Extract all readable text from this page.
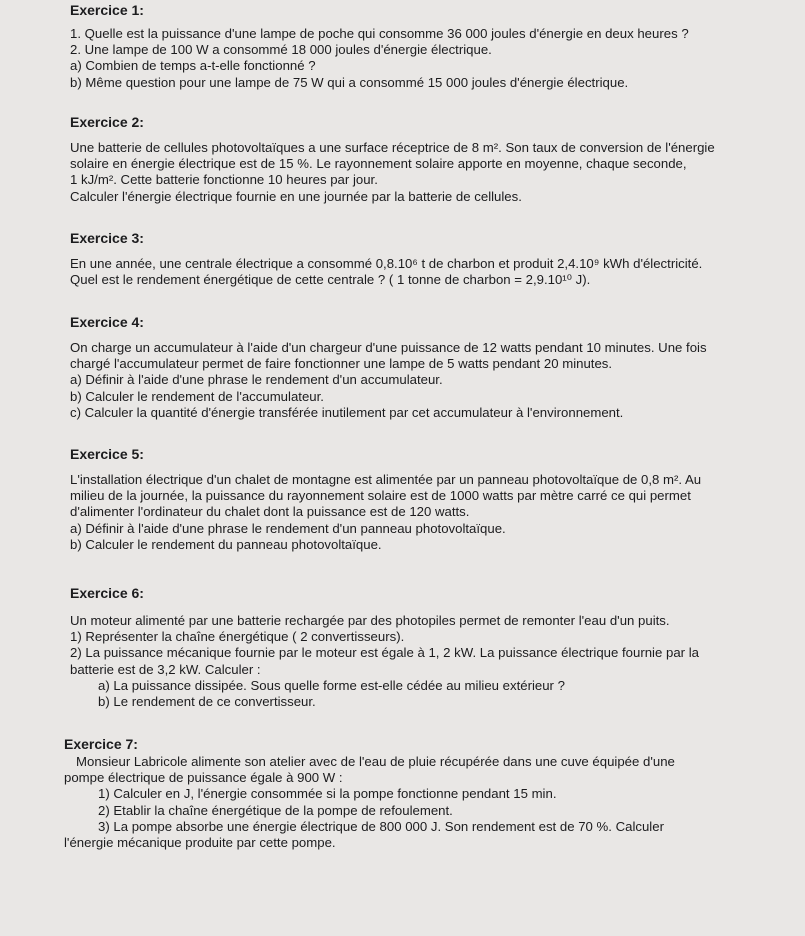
Exercice 1:
1. Quelle est la puissance d'une lampe de poche qui consomme 36 000 joules d'énergie en deux heures ?
2. Une lampe de 100 W a consommé 18 000 joules d'énergie électrique.
a) Combien de temps a-t-elle fonctionné ?
b) Même question pour une lampe de 75 W qui a consommé 15 000 joules d'énergie électrique.
Exercice 2:
Une batterie de cellules photovoltaïques a une surface réceptrice de 8 m². Son taux de conversion de l'énergie
solaire en énergie électrique est de 15 %. Le rayonnement solaire apporte en moyenne, chaque seconde,
1 kJ/m². Cette batterie fonctionne 10 heures par jour.
Calculer l'énergie électrique fournie en une journée par la batterie de cellules.
Exercice 3:
En une année, une centrale électrique a consommé 0,8.10⁶ t de charbon et produit 2,4.10⁹ kWh d'électricité.
Quel est le rendement énergétique de cette centrale ? ( 1 tonne de charbon = 2,9.10¹⁰ J).
Exercice 4:
On charge un accumulateur à l'aide d'un chargeur d'une puissance de 12 watts pendant 10 minutes. Une fois
chargé l'accumulateur permet de faire fonctionner une lampe de 5 watts pendant 20 minutes.
a) Définir à l'aide d'une phrase le rendement d'un accumulateur.
b) Calculer le rendement de l'accumulateur.
c) Calculer la quantité d'énergie transférée inutilement par cet accumulateur à l'environnement.
Exercice 5:
L'installation électrique d'un chalet de montagne est alimentée par un panneau photovoltaïque de 0,8 m². Au
milieu de la journée, la puissance du rayonnement solaire est de 1000 watts par mètre carré ce qui permet
d'alimenter l'ordinateur du chalet dont la puissance est de 120 watts.
a) Définir à l'aide d'une phrase le rendement d'un panneau photovoltaïque.
b) Calculer le rendement du panneau photovoltaïque.
Exercice 6:
Un moteur alimenté par une batterie rechargée par des photopiles permet de remonter l'eau d'un puits.
1) Représenter la chaîne énergétique ( 2 convertisseurs).
2) La puissance mécanique fournie par le moteur est égale à 1, 2 kW. La puissance électrique fournie par la
batterie est de 3,2 kW. Calculer :
a) La puissance dissipée. Sous quelle forme est-elle cédée au milieu extérieur ?
b) Le rendement de ce convertisseur.
Exercice 7:
Monsieur Labricole alimente son atelier avec de l'eau de pluie récupérée dans une cuve équipée d'une
pompe électrique de puissance égale à 900 W :
1) Calculer en J, l'énergie consommée si la pompe fonctionne pendant 15 min.
2) Etablir la chaîne énergétique de la pompe de refoulement.
3) La pompe absorbe une énergie électrique de 800 000 J. Son rendement est de 70 %. Calculer
l'énergie mécanique produite par cette pompe.
